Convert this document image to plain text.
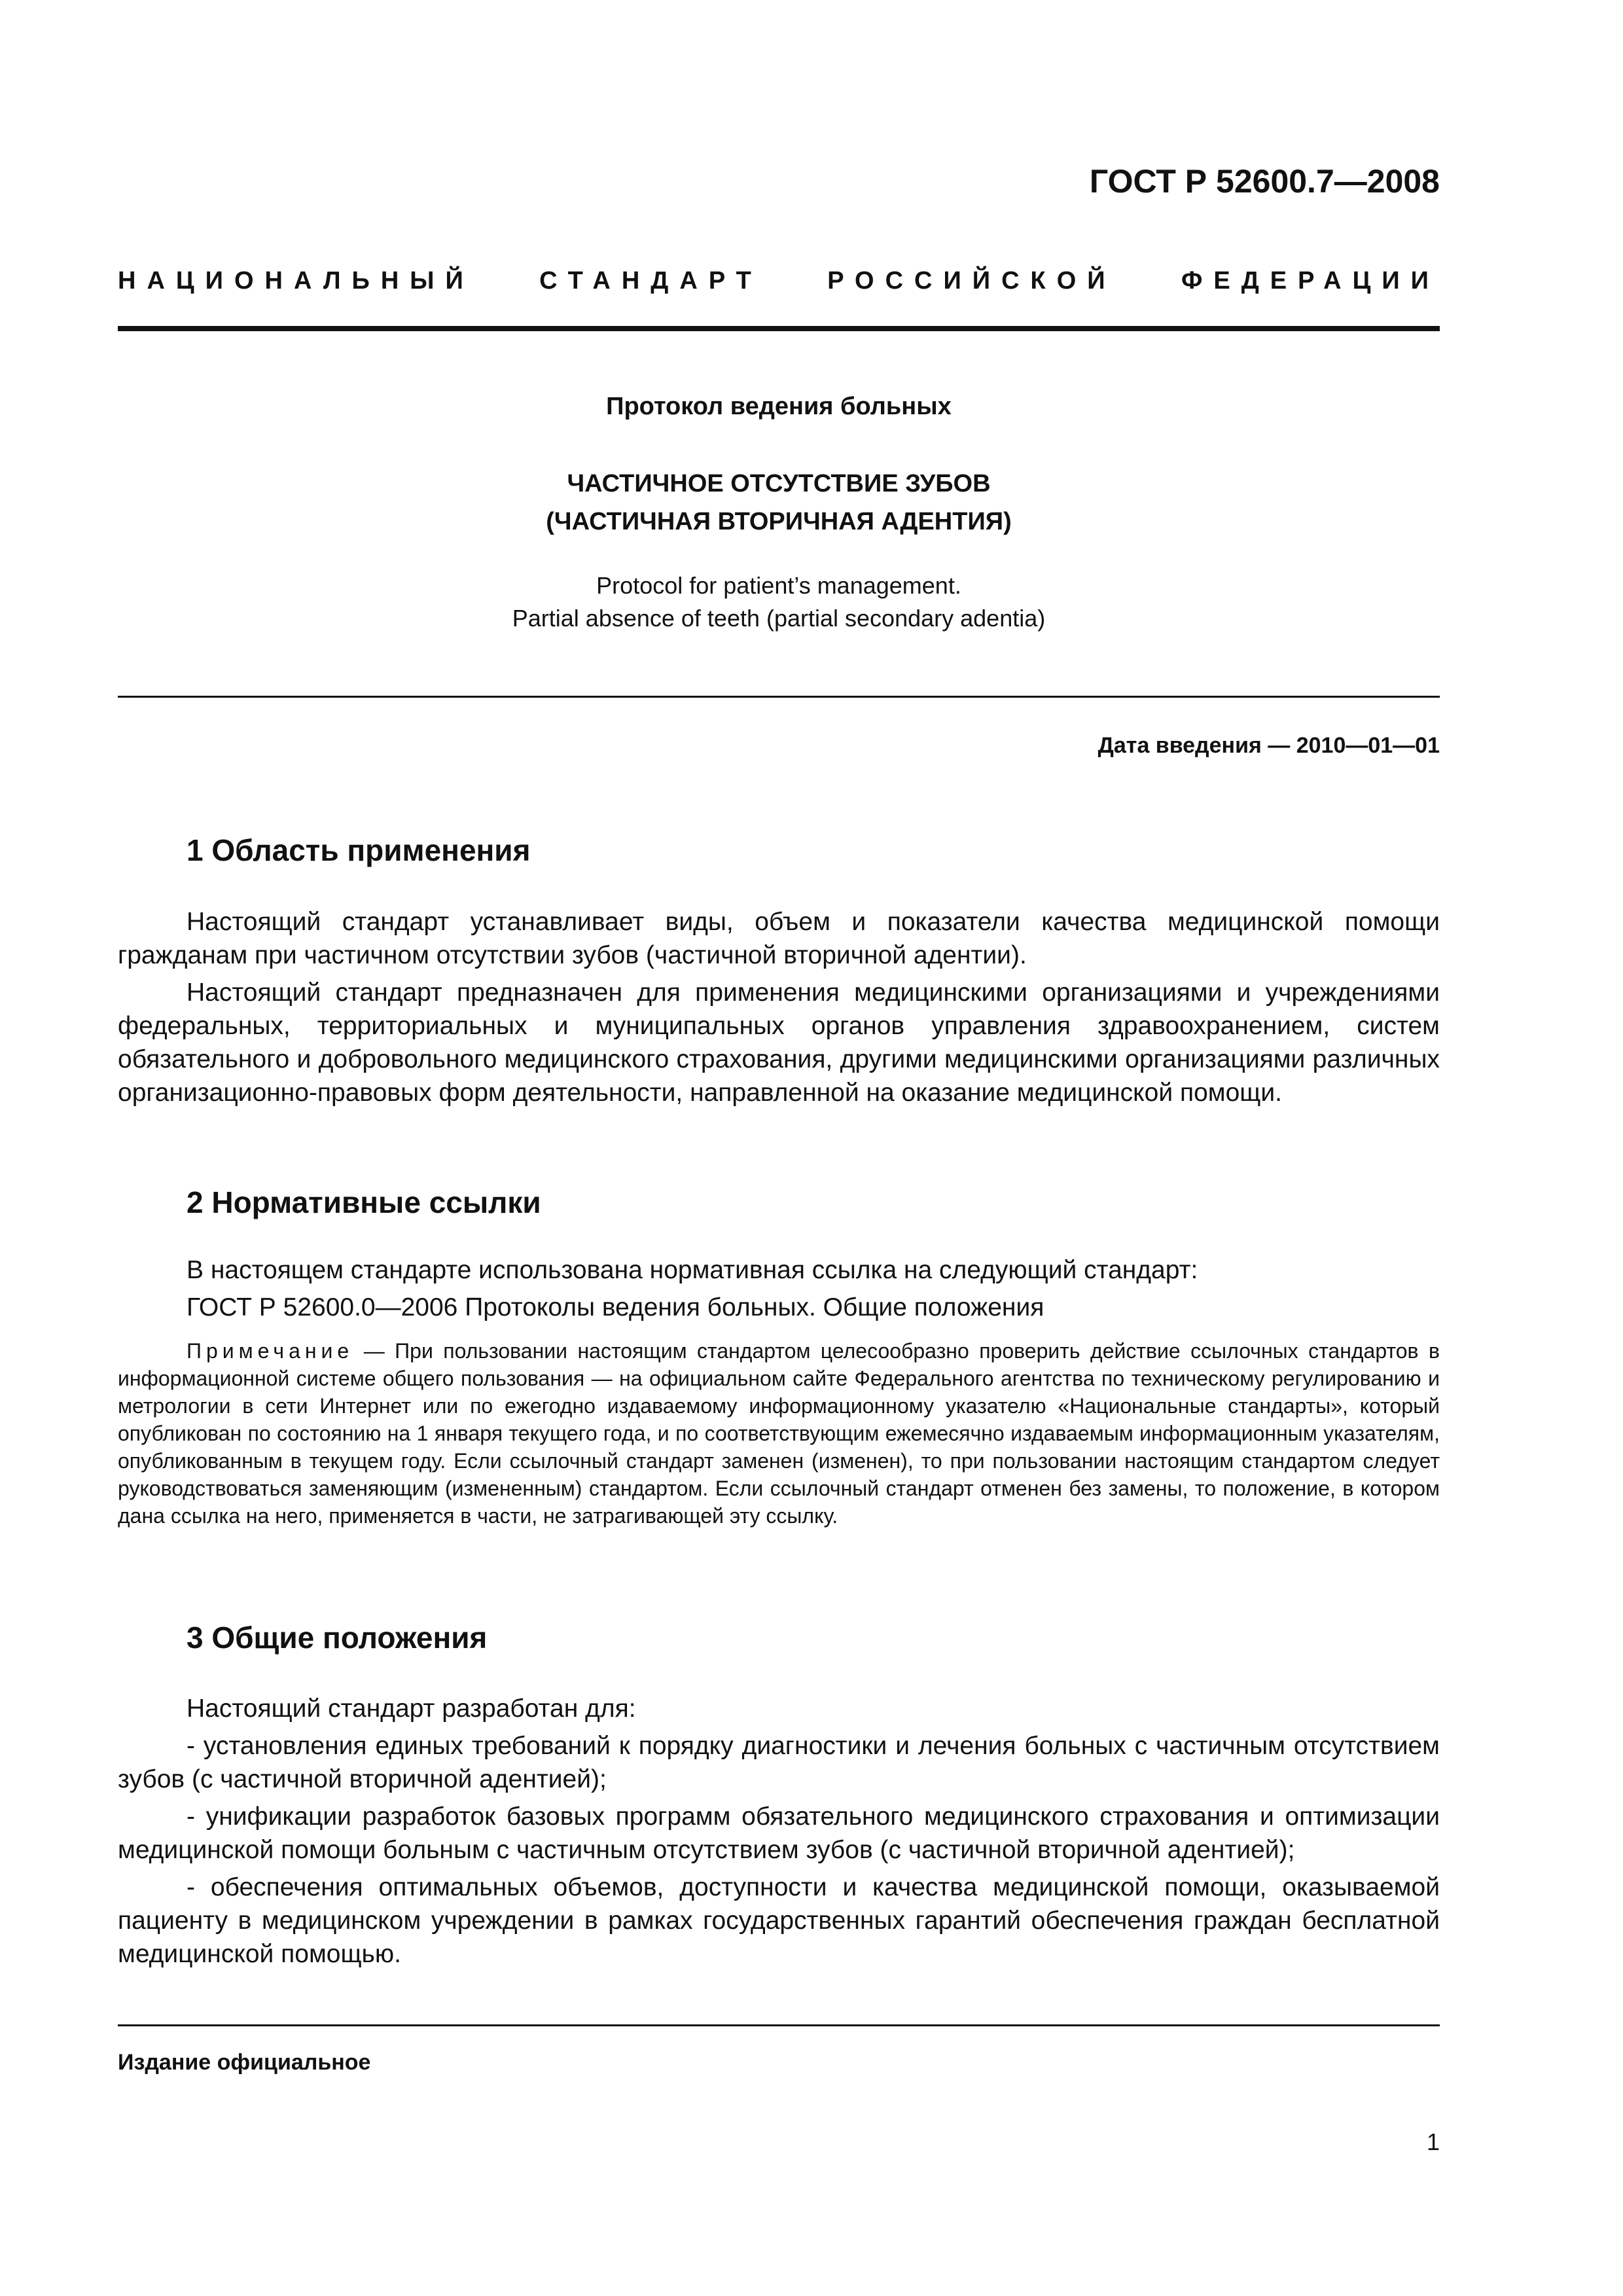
ГОСТ Р 52600.7—2008
НАЦИОНАЛЬНЫЙ	СТАНДАРТ	РОССИЙСКОЙ	ФЕДЕРАЦИИ
Протокол ведения больных
ЧАСТИЧНОЕ ОТСУТСТВИЕ ЗУБОВ
(ЧАСТИЧНАЯ ВТОРИЧНАЯ АДЕНТИЯ)
Protocol for patient’s management.
Partial absence of teeth (partial secondary adentia)
Дата введения — 2010—01—01
1 Область применения

Настоящий стандарт устанавливает виды, объем и показатели качества медицинской помощи гражданам при частичном отсутствии зубов (частичной вторичной адентии).

Настоящий стандарт предназначен для применения медицинскими организациями и учреждениями федеральных, территориальных и муниципальных органов управления здравоохранением, систем обязательного и добровольного медицинского страхования, другими медицинскими организациями различных организационно-правовых форм деятельности, направленной на оказание медицинской помощи.

2 Нормативные ссылки

В настоящем стандарте использована нормативная ссылка на следующий стандарт:

ГОСТ Р 52600.0—2006 Протоколы ведения больных. Общие положения

Примечание — При пользовании настоящим стандартом целесообразно проверить действие ссылочных стандартов в информационной системе общего пользования — на официальном сайте Федерального агентства по техническому регулированию и метрологии в сети Интернет или по ежегодно издаваемому информационному указателю «Национальные стандарты», который опубликован по состоянию на 1 января текущего года, и по соответствующим ежемесячно издаваемым информационным указателям, опубликованным в текущем году. Если ссылочный стандарт заменен (изменен), то при пользовании настоящим стандартом следует руководствоваться заменяющим (измененным) стандартом. Если ссылочный стандарт отменен без замены, то положение, в котором дана ссылка на него, применяется в части, не затрагивающей эту ссылку.

3 Общие положения

Настоящий стандарт разработан для:

- установления единых требований к порядку диагностики и лечения больных с частичным отсутствием зубов (с частичной вторичной адентией);

- унификации разработок базовых программ обязательного медицинского страхования и оптимизации медицинской помощи больным с частичным отсутствием зубов (с частичной вторичной адентией);

- обеспечения оптимальных объемов, доступности и качества медицинской помощи, оказываемой пациенту в медицинском учреждении в рамках государственных гарантий обеспечения граждан бесплатной медицинской помощью.

Издание официальное
1
